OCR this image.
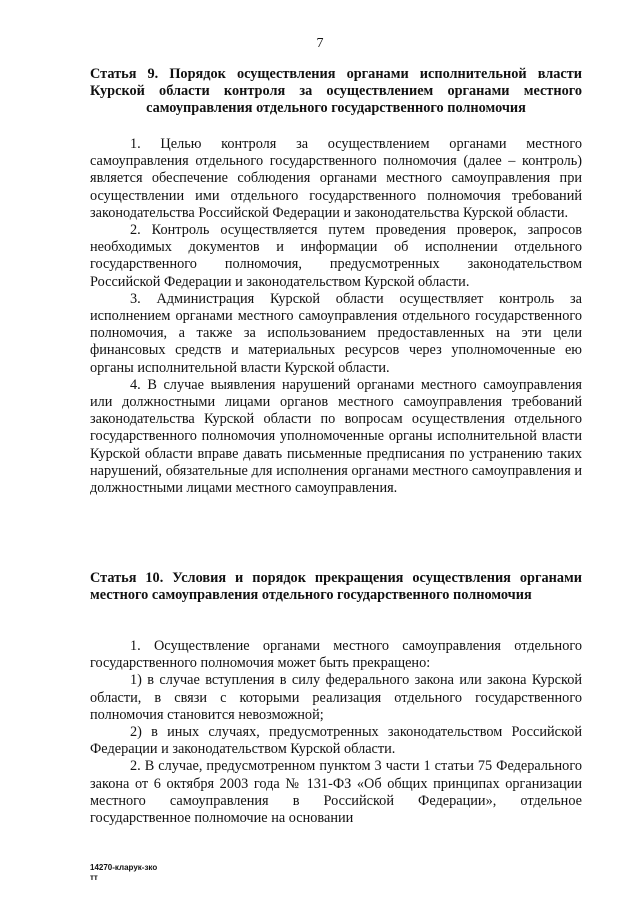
7
Статья 9. Порядок осуществления органами исполнительной власти Курской области контроля за осуществлением органами местного самоуправления отдельного государственного полномочия

1. Целью контроля за осуществлением органами местного самоуправления отдельного государственного полномочия (далее – контроль) является обеспечение соблюдения органами местного самоуправления при осуществлении ими отдельного государственного полномочия требований законодательства Российской Федерации и законодательства Курской области.

2. Контроль осуществляется путем проведения проверок, запросов необходимых документов и информации об исполнении отдельного государственного полномочия, предусмотренных законодательством Российской Федерации и законодательством Курской области.

3. Администрация Курской области осуществляет контроль за исполнением органами местного самоуправления отдельного государственного полномочия, а также за использованием предоставленных на эти цели финансовых средств и материальных ресурсов через уполномоченные ею органы исполнительной власти Курской области.

4. В случае выявления нарушений органами местного самоуправления или должностными лицами органов местного самоуправления требований законодательства Курской области по вопросам осуществления отдельного государственного полномочия уполномоченные органы исполнительной власти Курской области вправе давать письменные предписания по устранению таких нарушений, обязательные для исполнения органами местного самоуправления и должностными лицами местного самоуправления.

Статья 10. Условия и порядок прекращения осуществления органами местного самоуправления отдельного государственного полномочия

1. Осуществление органами местного самоуправления отдельного государственного полномочия может быть прекращено:

1) в случае вступления в силу федерального закона или закона Курской области, в связи с которыми реализация отдельного государственного полномочия становится невозможной;

2) в иных случаях, предусмотренных законодательством Российской Федерации и законодательством Курской области.

2. В случае, предусмотренном пунктом 3 части 1 статьи 75 Федерального закона от 6 октября 2003 года № 131-ФЗ «Об общих принципах организации местного самоуправления в Российской Федерации», отдельное государственное полномочие на основании

14270-кларук-зко
тт
